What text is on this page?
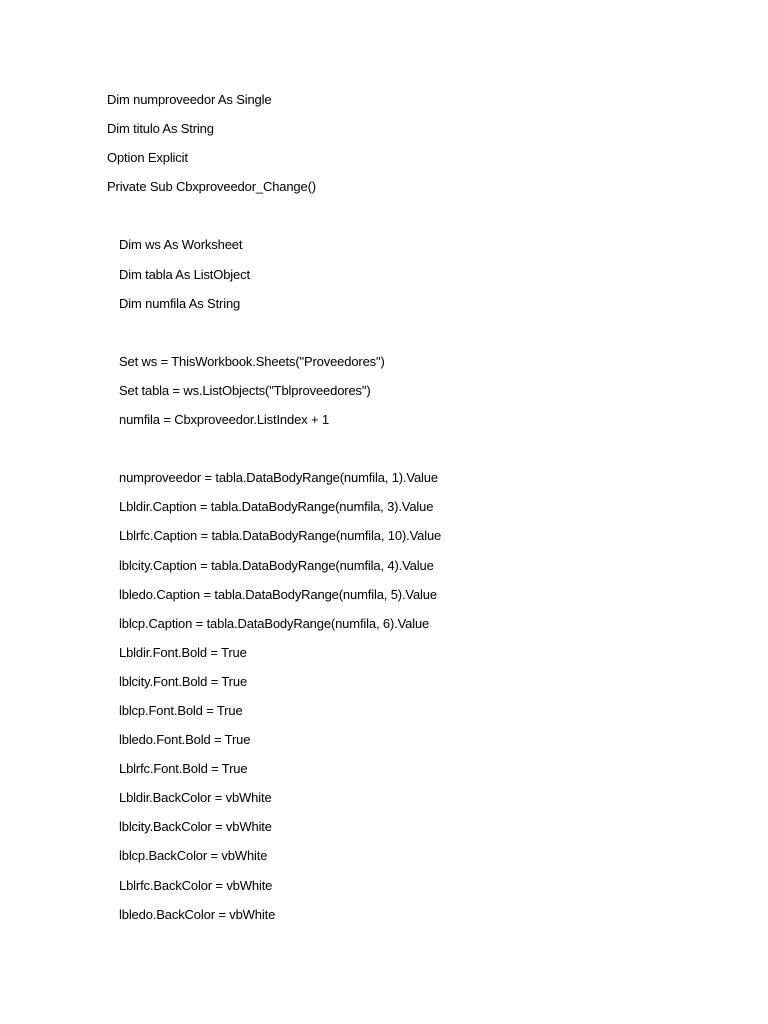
Dim numproveedor As Single
Dim titulo As String
Option Explicit
Private Sub Cbxproveedor_Change()
Dim ws As Worksheet
Dim tabla As ListObject
Dim numfila As String
Set ws = ThisWorkbook.Sheets("Proveedores")
Set tabla = ws.ListObjects("Tblproveedores")
numfila = Cbxproveedor.ListIndex + 1
numproveedor = tabla.DataBodyRange(numfila, 1).Value
Lbldir.Caption = tabla.DataBodyRange(numfila, 3).Value
Lblrfc.Caption = tabla.DataBodyRange(numfila, 10).Value
lblcity.Caption = tabla.DataBodyRange(numfila, 4).Value
lbledo.Caption = tabla.DataBodyRange(numfila, 5).Value
lblcp.Caption = tabla.DataBodyRange(numfila, 6).Value
Lbldir.Font.Bold = True
lblcity.Font.Bold = True
lblcp.Font.Bold = True
lbledo.Font.Bold = True
Lblrfc.Font.Bold = True
Lbldir.BackColor = vbWhite
lblcity.BackColor = vbWhite
lblcp.BackColor = vbWhite
Lblrfc.BackColor = vbWhite
lbledo.BackColor = vbWhite
